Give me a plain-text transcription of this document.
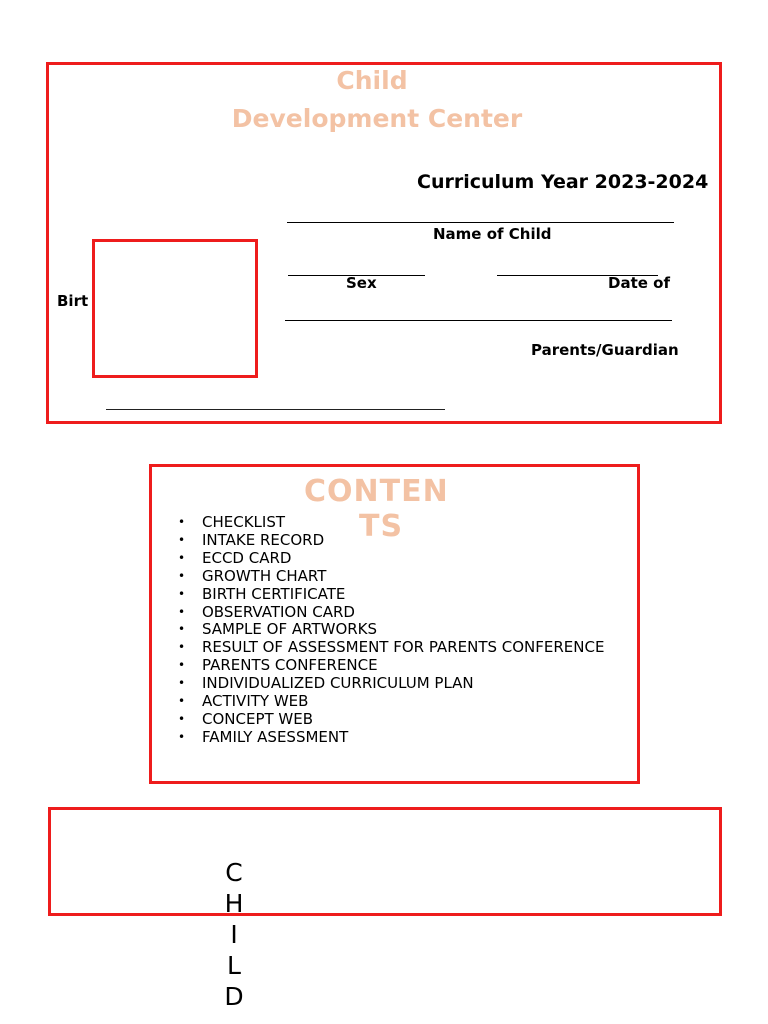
Child
Development Center
Curriculum Year 2023-2024
Name of Child
Sex	Date of
Birt
Parents/Guardian
CONTEN
TS
• CHECKLIST
• INTAKE RECORD
• ECCD CARD
• GROWTH CHART
• BIRTH CERTIFICATE
• OBSERVATION CARD
• SAMPLE OF ARTWORKS
• RESULT OF ASSESSMENT FOR PARENTS CONFERENCE
• PARENTS CONFERENCE
• INDIVIDUALIZED CURRICULUM PLAN
• ACTIVITY WEB
• CONCEPT WEB
• FAMILY ASESSMENT
C
H
I
L
D
